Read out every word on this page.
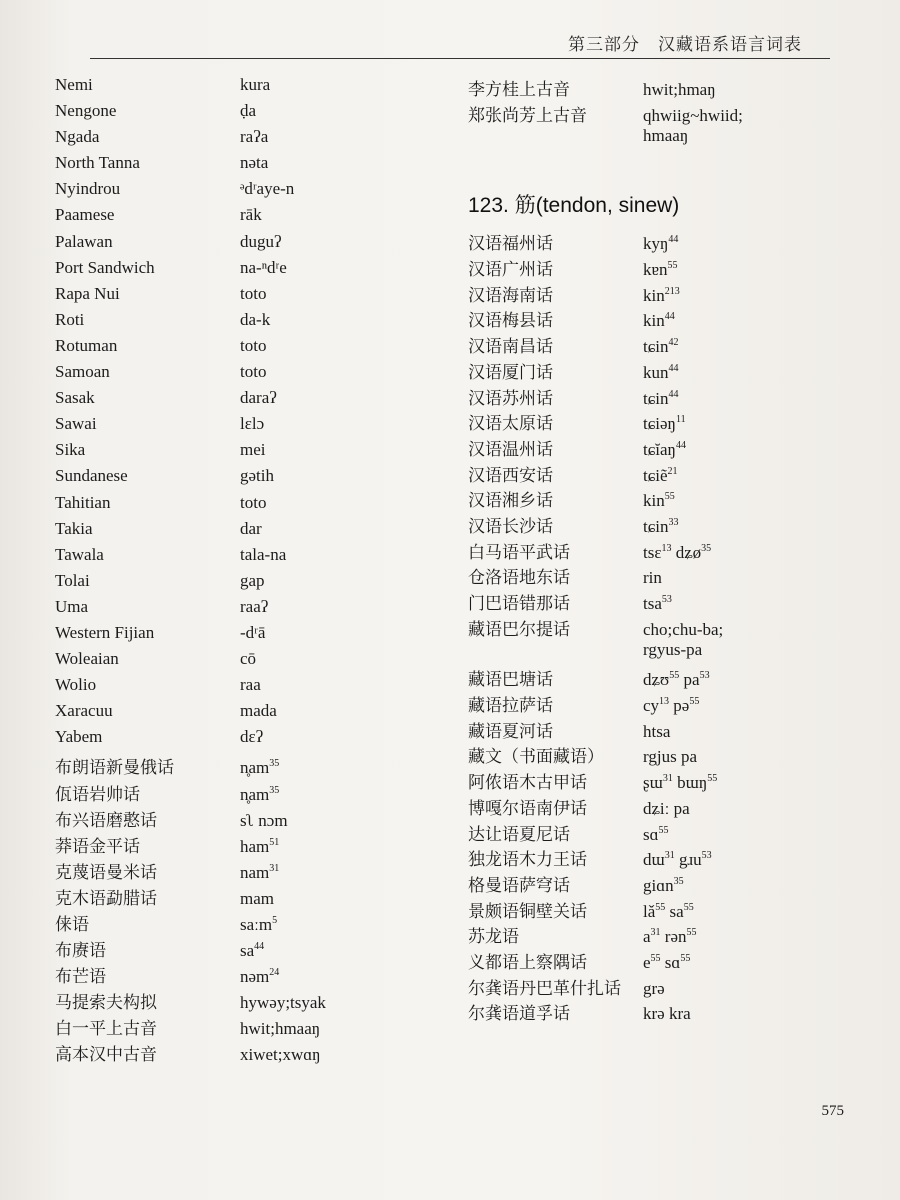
第三部分　汉藏语系语言词表
Nemi	kura
Nengone	ḍa
Ngada	raʔa
North Tanna	nəta
Nyindrou	ᵊdʳaye-n
Paamese	rāk
Palawan	duguʔ
Port Sandwich	na-ⁿdʳe
Rapa Nui	toto
Roti	da-k
Rotuman	toto
Samoan	toto
Sasak	daraʔ
Sawai	lɛlɔ
Sika	mei
Sundanese	gətih
Tahitian	toto
Takia	dar
Tawala	tala-na
Tolai	gap
Uma	raaʔ
Western Fijian	-dʳā
Woleaian	cō
Wolio	raa
Xaracuu	mada
Yabem	dɛʔ
布朗语新曼俄话	$n̥am^{35}$
佤语岩帅话	$n̥am^{35}$
布兴语磨憨话	sʅ nɔm
莽语金平话	ham$^{51}$
克蔑语曼米话	nam$^{31}$
克木语勐腊话	mam
俫语	saːm$^5$
布赓语	$sa^{44}$
布芒语	nəm$^{24}$
马提索夫构拟	hywəy;tsyak
白一平上古音	hwit;hmaaŋ
高本汉中古音	xiwet;xwɑŋ
李方桂上古音	hwit;hmaŋ
郑张尚芳上古音	qhwiig~hwiid;
hmaaŋ
123. 筋(tendon, sinew)
汉语福州话	kyŋ$^{44}$
汉语广州话	kɐn$^{55}$
汉语海南话	kin$^{213}$
汉语梅县话	kin$^{44}$
汉语南昌话	tɕin$^{42}$
汉语厦门话	kun$^{44}$
汉语苏州话	tɕin$^{44}$
汉语太原话	tɕiəŋ$^{11}$
汉语温州话	tɕĭaŋ$^{44}$
汉语西安话	tɕiẽ$^{21}$
汉语湘乡话	kin$^{55}$
汉语长沙话	tɕin$^{33}$
白马语平武话	tsɛ$^{13}$ dʑø$^{35}$
仓洛语地东话	rin
门巴语错那话	tsa$^{53}$
藏语巴尔提话	cho;chu-ba;
rgyus-pa
藏语巴塘话	dʑʊ$^{55}$ $pa^{53}$
藏语拉萨话	$cy^{13}$ pə$^{55}$
藏语夏河话	htsa
藏文（书面藏语）	rgjus pa
阿侬语木古甲话	ʂɯ$^{31}$ bɯŋ$^{55}$
博嘎尔语南伊话	dʑiː pa
达让语夏尼话	sɑ$^{55}$
独龙语木力王话	dɯ$^{31}$ gɹu$^{53}$
格曼语萨穹话	giɑn$^{35}$
景颇语铜壁关话	$lǎ^{55}$ $sa^{55}$
苏龙语	$a^{31}$ rən$^{55}$
义都语上察隅话	$e^{55}$ sɑ$^{55}$
尔龚语丹巴革什扎话	grə
尔龚语道孚话	krə kra
575
